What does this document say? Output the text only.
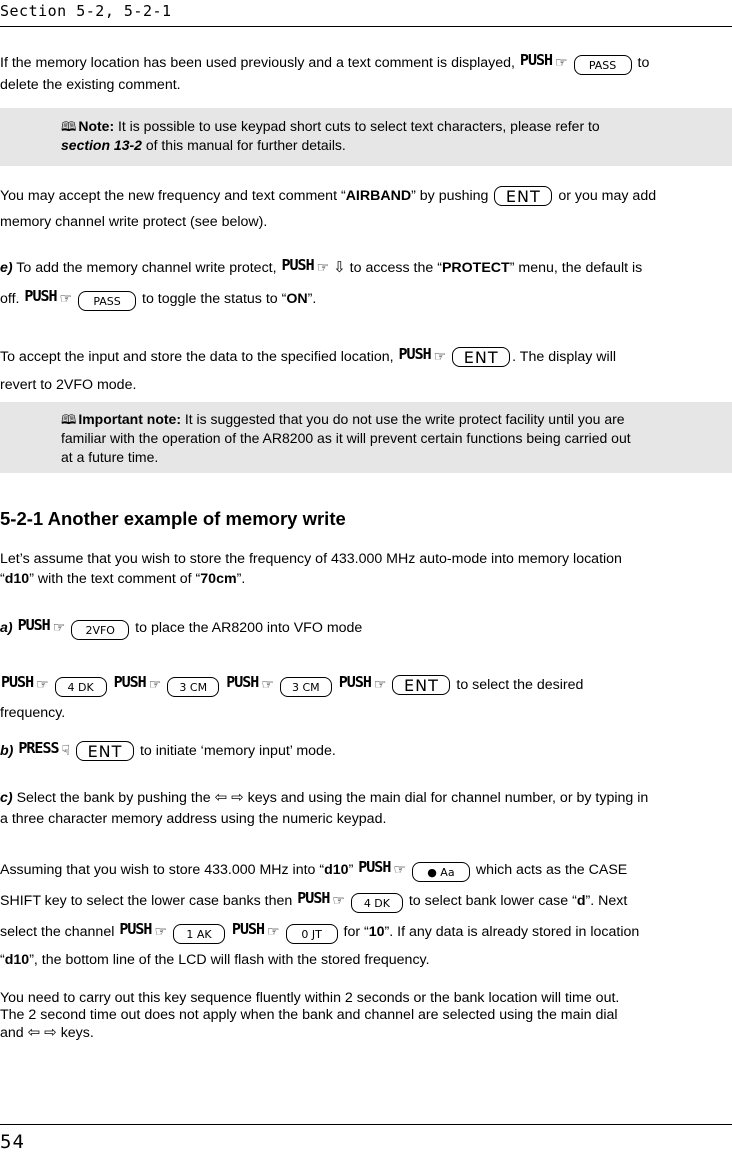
Section 5-2, 5-2-1
If the memory location has been used previously and a text comment is displayed, PUSH ☞ PASS to
delete the existing comment.
🕮 Note: It is possible to use keypad short cuts to select text characters, please refer to
section 13-2 of this manual for further details.
You may accept the new frequency and text comment “AIRBAND” by pushing ENT or you may add
memory channel write protect (see below).
e) To add the memory channel write protect, PUSH ☞ ⇩ to access the “PROTECT” menu, the default is
off. PUSH ☞ PASS to toggle the status to “ON”.
To accept the input and store the data to the specified location, PUSH ☞ ENT . The display will
revert to 2VFO mode.
🕮 Important note: It is suggested that you do not use the write protect facility until you are
familiar with the operation of the AR8200 as it will prevent certain functions being carried out
at a future time.
5-2-1 Another example of memory write
Let’s assume that you wish to store the frequency of 433.000 MHz auto-mode into memory location
“d10” with the text comment of “70cm”.
a) PUSH ☞ 2VFO to place the AR8200 into VFO mode
PUSH ☞ 4 DK PUSH ☞ 3 CM PUSH ☞ 3 CM PUSH ☞ ENT to select the desired
frequency.
b) PRESS ☟ ENT to initiate ‘memory input’ mode.
c) Select the bank by pushing the ⇦ ⇨ keys and using the main dial for channel number, or by typing in
a three character memory address using the numeric keypad.
Assuming that you wish to store 433.000 MHz into “d10” PUSH ☞ ● Aa which acts as the CASE
SHIFT key to select the lower case banks then PUSH ☞ 4 DK to select bank lower case “d”. Next
select the channel PUSH ☞ 1 AK PUSH ☞ 0 JT for “10”. If any data is already stored in location
“d10”, the bottom line of the LCD will flash with the stored frequency.
You need to carry out this key sequence fluently within 2 seconds or the bank location will time out.
The 2 second time out does not apply when the bank and channel are selected using the main dial
and ⇦ ⇨ keys.
54
